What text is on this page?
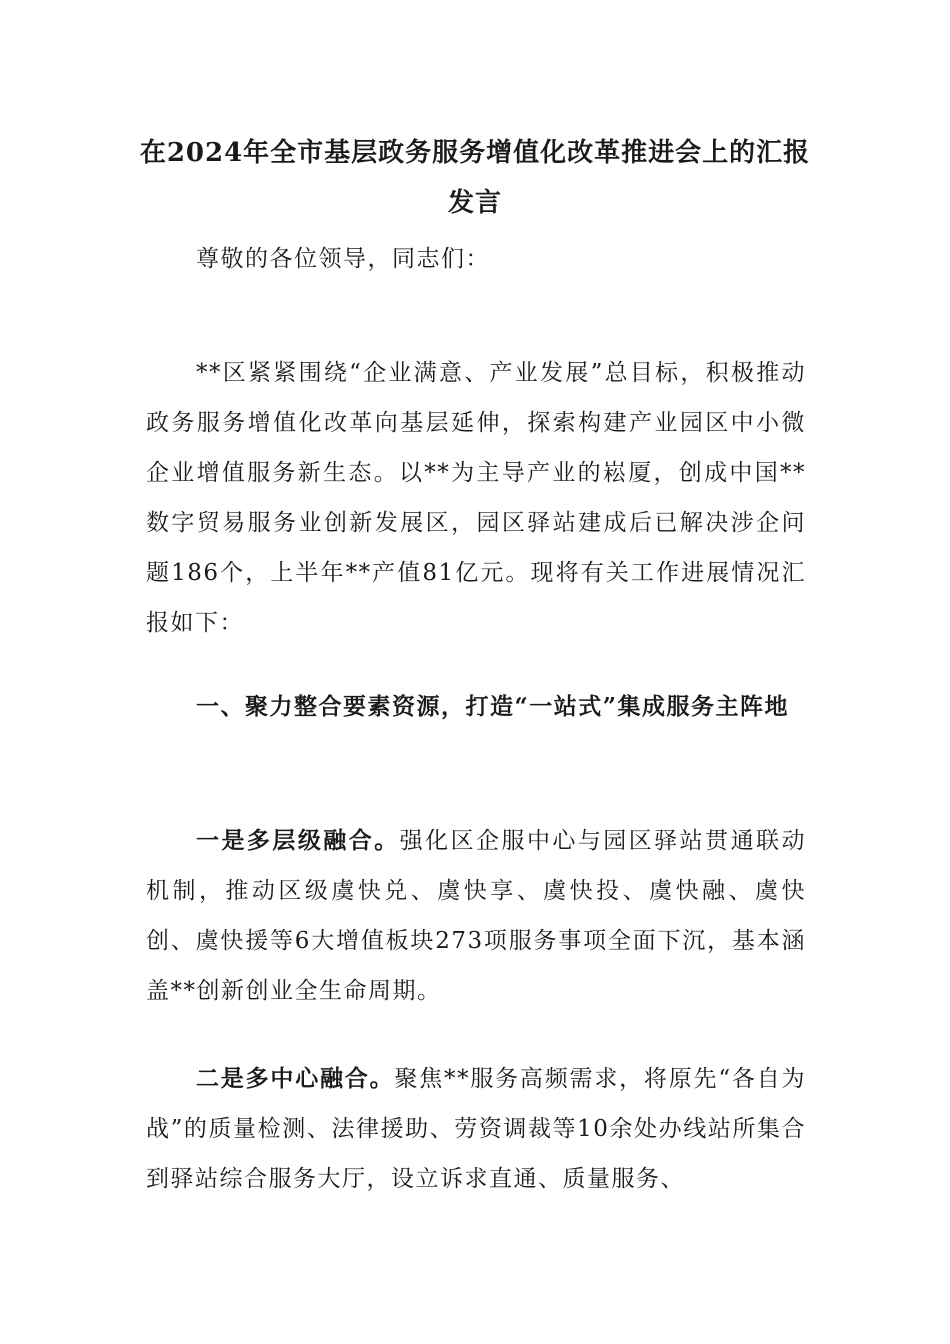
在2024年全市基层政务服务增值化改革推进会上的汇报发言

尊敬的各位领导，同志们：

**区紧紧围绕“企业满意、产业发展”总目标，积极推动政务服务增值化改革向基层延伸，探索构建产业园区中小微企业增值服务新生态。以**为主导产业的崧厦，创成中国**数字贸易服务业创新发展区，园区驿站建成后已解决涉企问题186个，上半年**产值81亿元。现将有关工作进展情况汇报如下：

一、聚力整合要素资源，打造“一站式”集成服务主阵地

一是多层级融合。强化区企服中心与园区驿站贯通联动机制，推动区级虞快兑、虞快享、虞快投、虞快融、虞快创、虞快援等6大增值板块273项服务事项全面下沉，基本涵盖**创新创业全生命周期。

二是多中心融合。聚焦**服务高频需求，将原先“各自为战”的质量检测、法律援助、劳资调裁等10余处办线站所集合到驿站综合服务大厅，设立诉求直通、质量服务、
